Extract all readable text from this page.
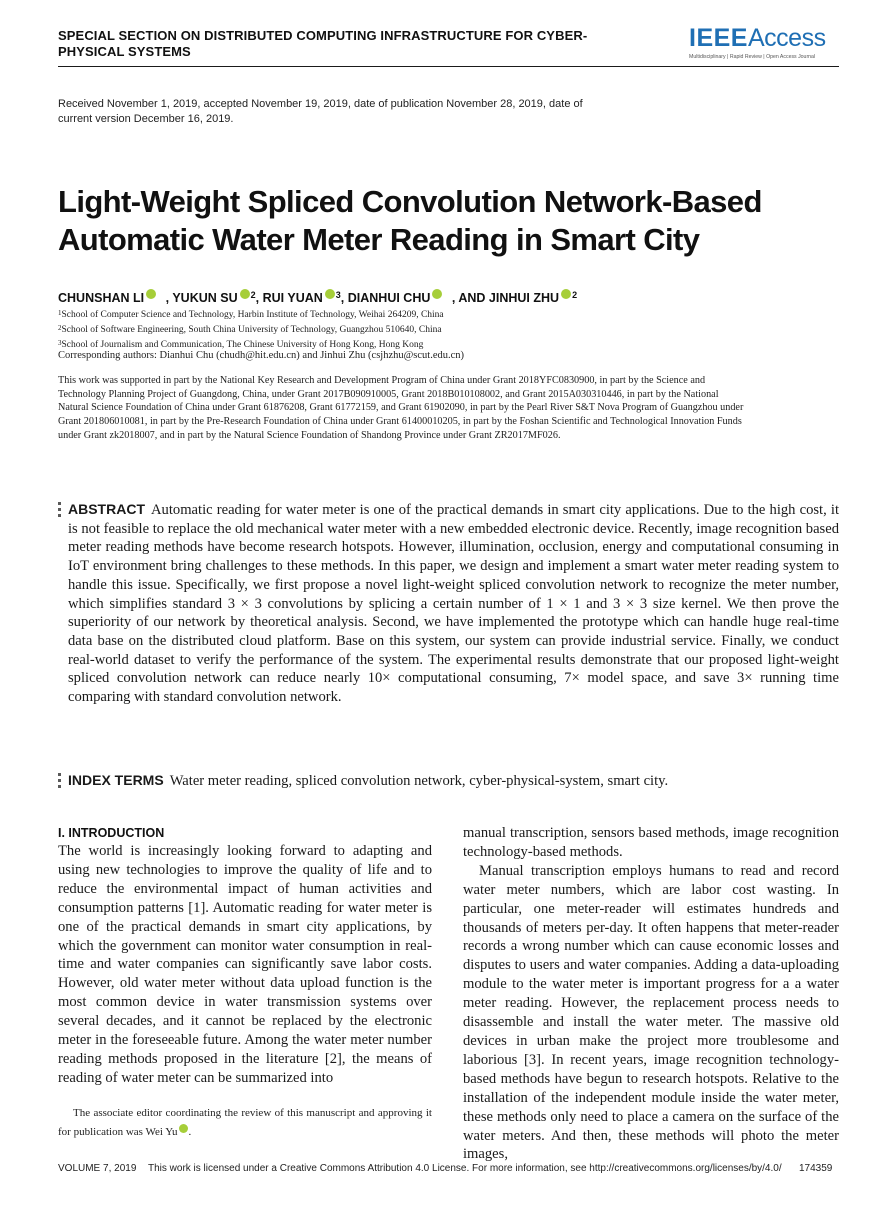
SPECIAL SECTION ON DISTRIBUTED COMPUTING INFRASTRUCTURE FOR CYBER-PHYSICAL SYSTEMS	IEEEAccess
Multidisciplinary | Rapid Review | Open Access Journal
Received November 1, 2019, accepted November 19, 2019, date of publication November 28, 2019, date of current version December 16, 2019.
Light-Weight Spliced Convolution Network-Based Automatic Water Meter Reading in Smart City
CHUNSHAN LI , YUKUN SU $^2$, RUI YUAN $^3$, DIANHUI CHU , AND JINHUI ZHU $^2$
$^1$School of Computer Science and Technology, Harbin Institute of Technology, Weihai 264209, China
$^2$School of Software Engineering, South China University of Technology, Guangzhou 510640, China
$^3$School of Journalism and Communication, The Chinese University of Hong Kong, Hong Kong
Corresponding authors: Dianhui Chu (chudh@hit.edu.cn) and Jinhui Zhu (csjhzhu@scut.edu.cn)
This work was supported in part by the National Key Research and Development Program of China under Grant 2018YFC0830900, in part by the Science and Technology Planning Project of Guangdong, China, under Grant 2017B090910005, Grant 2018B010108002, and Grant 2015A030310446, in part by the National Natural Science Foundation of China under Grant 61876208, Grant 61772159, and Grant 61902090, in part by the Pearl River S&T Nova Program of Guangzhou under Grant 201806010081, in part by the Pre-Research Foundation of China under Grant 61400010205, in part by the Foshan Scientific and Technological Innovation Funds under Grant zk2018007, and in part by the Natural Science Foundation of Shandong Province under Grant ZR2017MF026.
ABSTRACT Automatic reading for water meter is one of the practical demands in smart city applications. Due to the high cost, it is not feasible to replace the old mechanical water meter with a new embedded electronic device. Recently, image recognition based meter reading methods have become research hotspots. However, illumination, occlusion, energy and computational consuming in IoT environment bring challenges to these methods. In this paper, we design and implement a smart water meter reading system to handle this issue. Specifically, we first propose a novel light-weight spliced convolution network to recognize the meter number, which simplifies standard 3 × 3 convolutions by splicing a certain number of 1 × 1 and 3 × 3 size kernel. We then prove the superiority of our network by theoretical analysis. Second, we have implemented the prototype which can handle huge real-time data base on the distributed cloud platform. Base on this system, our system can provide industrial service. Finally, we conduct real-world dataset to verify the performance of the system. The experimental results demonstrate that our proposed light-weight spliced convolution network can reduce nearly 10× computational consuming, 7× model space, and save 3× running time comparing with standard convolution network.
INDEX TERMS Water meter reading, spliced convolution network, cyber-physical-system, smart city.
I. INTRODUCTION

The world is increasingly looking forward to adapting and using new technologies to improve the quality of life and to reduce the environmental impact of human activities and consumption patterns [1]. Automatic reading for water meter is one of the practical demands in smart city applications, by which the government can monitor water consumption in real-time and water companies can significantly save labor costs. However, old water meter without data upload function is the most common device in water transmission systems over several decades, and it cannot be replaced by the electronic meter in the foreseeable future. Among the water meter number reading methods proposed in the literature [2], the means of reading of water meter can be summarized into

manual transcription, sensors based methods, image recognition technology-based methods.

Manual transcription employs humans to read and record water meter numbers, which are labor cost wasting. In particular, one meter-reader will estimates hundreds and thousands of meters per-day. It often happens that meter-reader records a wrong number which can cause economic losses and disputes to users and water companies. Adding a data-uploading module to the water meter is important progress for a a water meter reading. However, the replacement process needs to disassemble and install the water meter. The massive old devices in urban make the project more troublesome and laborious [3]. In recent years, image recognition technology-based methods have begun to research hotspots. Relative to the installation of the independent module inside the water meter, these methods only need to place a camera on the surface of the water meters. And then, these methods will photo the meter images,

The associate editor coordinating the review of this manuscript and approving it for publication was Wei Yu .

VOLUME 7, 2019 This work is licensed under a Creative Commons Attribution 4.0 License. For more information, see http://creativecommons.org/licenses/by/4.0/ 174359
